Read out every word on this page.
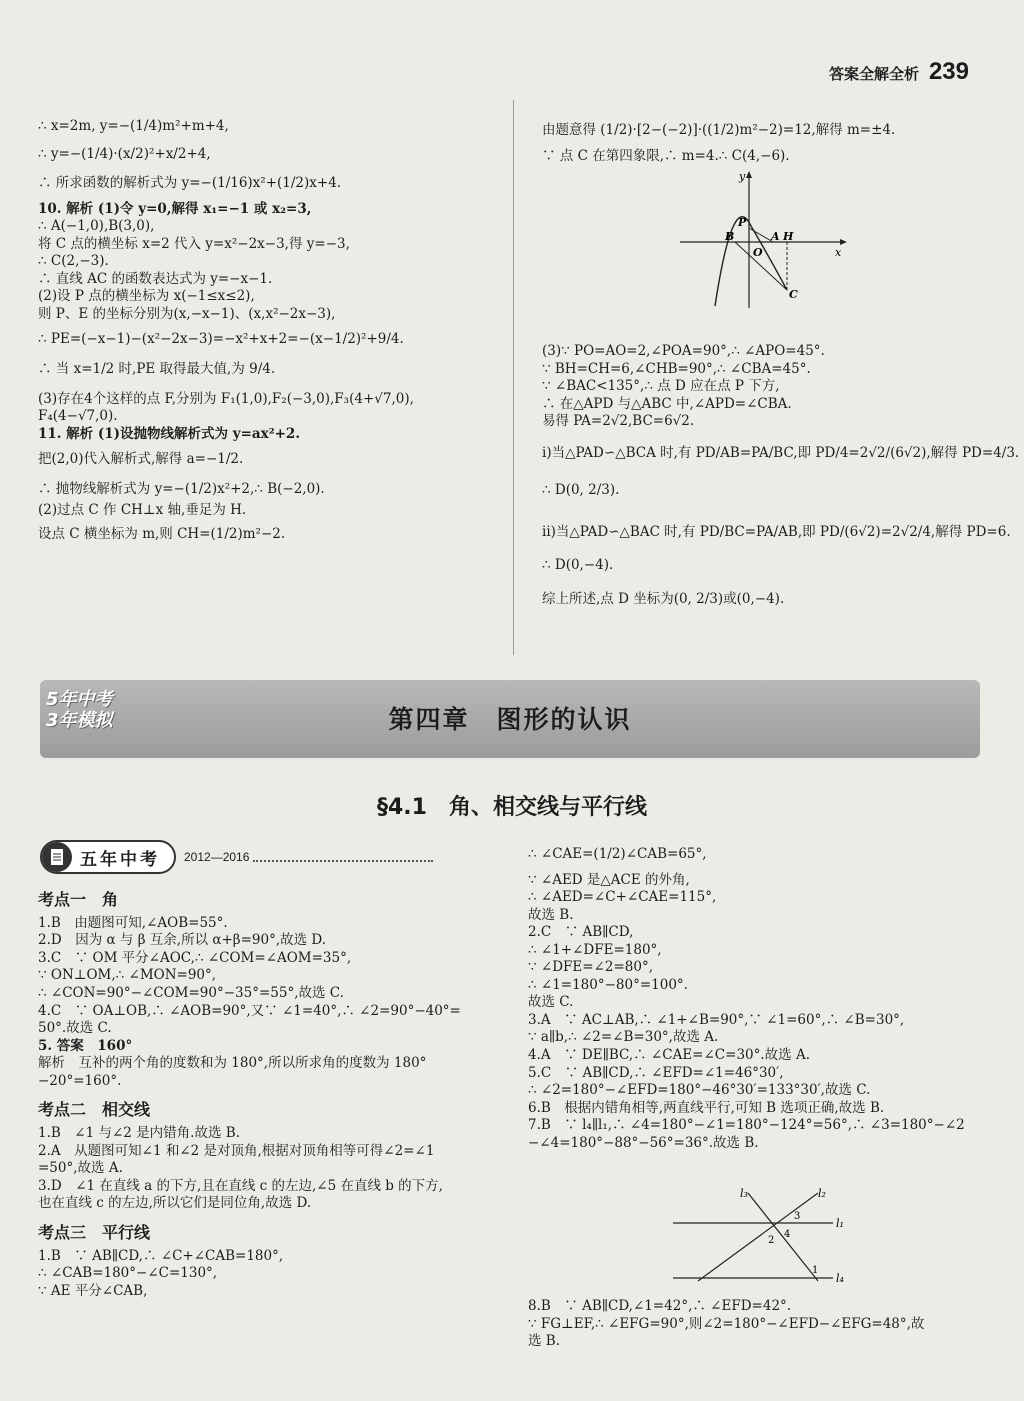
答案全解全析 239
∴ x=2m, y=−(1/4)m²+m+4,
∴ y=−(1/4)·(x/2)²+x/2+4,
∴ 所求函数的解析式为 y=−(1/16)x²+(1/2)x+4.
10. 解析 (1)令 y=0,解得 x₁=−1 或 x₂=3,
∴ A(−1,0),B(3,0),
将 C 点的横坐标 x=2 代入 y=x²−2x−3,得 y=−3,
∴ C(2,−3).
∴ 直线 AC 的函数表达式为 y=−x−1.
(2)设 P 点的横坐标为 x(−1≤x≤2),
则 P、E 的坐标分别为(x,−x−1)、(x,x²−2x−3),
∴ PE=(−x−1)−(x²−2x−3)=−x²+x+2=−(x−1/2)²+9/4.
∴ 当 x=1/2 时,PE 取得最大值,为 9/4.
(3)存在4个这样的点 F,分别为 F₁(1,0),F₂(−3,0),F₃(4+√7,0),
F₄(4−√7,0).
11. 解析 (1)设抛物线解析式为 y=ax²+2.
把(2,0)代入解析式,解得 a=−1/2.
∴ 抛物线解析式为 y=−(1/2)x²+2,∴ B(−2,0).
(2)过点 C 作 CH⊥x 轴,垂足为 H.
设点 C 横坐标为 m,则 CH=(1/2)m²−2.
由题意得 (1/2)·[2−(−2)]·((1/2)m²−2)=12,解得 m=±4.
∵ 点 C 在第四象限,∴ m=4.∴ C(4,−6).
y
x
P
B
O
A H
C
(3)∵ PO=AO=2,∠POA=90°,∴ ∠APO=45°.
∵ BH=CH=6,∠CHB=90°,∴ ∠CBA=45°.
∵ ∠BAC<135°,∴ 点 D 应在点 P 下方,
∴ 在△APD 与△ABC 中,∠APD=∠CBA.
易得 PA=2√2,BC=6√2.
i)当△PAD∽△BCA 时,有 PD/AB=PA/BC,即 PD/4=2√2/(6√2),解得 PD=4/3.
∴ D(0, 2/3).
ii)当△PAD∽△BAC 时,有 PD/BC=PA/AB,即 PD/(6√2)=2√2/4,解得 PD=6.
∴ D(0,−4).
综上所述,点 D 坐标为(0, 2/3)或(0,−4).
5年中考
3年模拟	第四章　图形的认识
§4.1　角、相交线与平行线
五年中考 2012—2016
考点一　角
1.B　由题图可知,∠AOB=55°.
2.D　因为 α 与 β 互余,所以 α+β=90°,故选 D.
3.C　∵ OM 平分∠AOC,∴ ∠COM=∠AOM=35°,
∵ ON⊥OM,∴ ∠MON=90°,
∴ ∠CON=90°−∠COM=90°−35°=55°,故选 C.
4.C　∵ OA⊥OB,∴ ∠AOB=90°,又∵ ∠1=40°,∴ ∠2=90°−40°=
50°.故选 C.
5. 答案　160°
解析　互补的两个角的度数和为 180°,所以所求角的度数为 180°
−20°=160°.
考点二　相交线
1.B　∠1 与∠2 是内错角.故选 B.
2.A　从题图可知∠1 和∠2 是对顶角,根据对顶角相等可得∠2=∠1
=50°,故选 A.
3.D　∠1 在直线 a 的下方,且在直线 c 的左边,∠5 在直线 b 的下方,
也在直线 c 的左边,所以它们是同位角,故选 D.
考点三　平行线
1.B　∵ AB∥CD,∴ ∠C+∠CAB=180°,
∴ ∠CAB=180°−∠C=130°,
∵ AE 平分∠CAB,
∴ ∠CAE=(1/2)∠CAB=65°,
∵ ∠AED 是△ACE 的外角,
∴ ∠AED=∠C+∠CAE=115°,
故选 B.
2.C　∵ AB∥CD,
∴ ∠1+∠DFE=180°,
∵ ∠DFE=∠2=80°,
∴ ∠1=180°−80°=100°.
故选 C.
3.A　∵ AC⊥AB,∴ ∠1+∠B=90°,∵ ∠1=60°,∴ ∠B=30°,
∵ a∥b,∴ ∠2=∠B=30°,故选 A.
4.A　∵ DE∥BC,∴ ∠CAE=∠C=30°.故选 A.
5.C　∵ AB∥CD,∴ ∠EFD=∠1=46°30′,
∴ ∠2=180°−∠EFD=180°−46°30′=133°30′,故选 C.
6.B　根据内错角相等,两直线平行,可知 B 选项正确,故选 B.
7.B　∵ l₄∥l₁,∴ ∠4=180°−∠1=180°−124°=56°,∴ ∠3=180°−∠2
−∠4=180°−88°−56°=36°.故选 B.
l₃	l₂
l₁
l₄
3
4
2
1
8.B　∵ AB∥CD,∠1=42°,∴ ∠EFD=42°.
∵ FG⊥EF,∴ ∠EFG=90°,则∠2=180°−∠EFD−∠EFG=48°,故
选 B.
